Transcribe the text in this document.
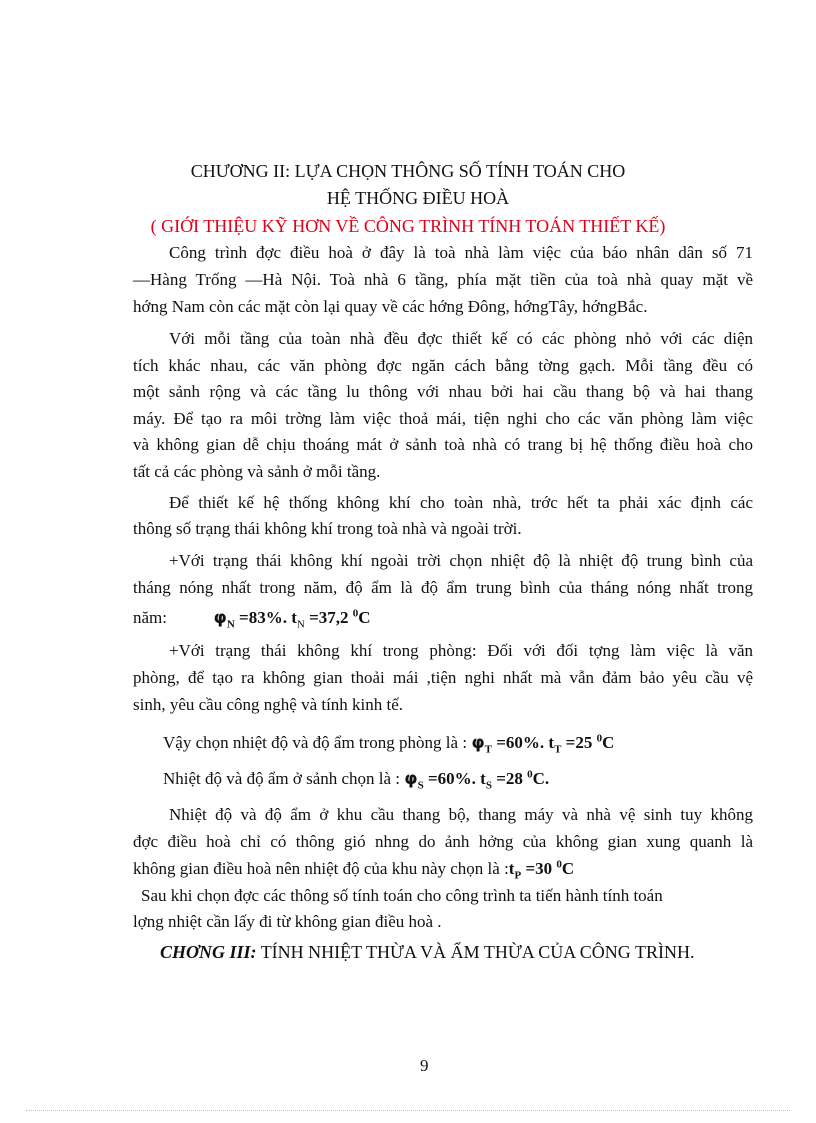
CHƯƠNG II: LỰA CHỌN THÔNG SỐ TÍNH TOÁN CHO
HỆ THỐNG ĐIỀU HOÀ
( GIỚI THIỆU KỸ HƠN VỀ CÔNG TRÌNH TÍNH TOÁN THIẾT KẾ)
Công trình đợc điều hoà ở đây là toà nhà làm việc của báo nhân dân số 71
—Hàng Trống —Hà Nội. Toà nhà 6 tầng, phía mặt tiền của toà nhà quay mặt về
hớng Nam còn các mặt còn lại quay về các hớng Đông, hớngTây, hớngBắc.
Với mỗi tầng của toàn nhà đều đợc thiết kế có các phòng nhỏ với các diện
tích khác nhau, các văn phòng đợc ngăn cách bằng tờng gạch. Mỗi tầng đều có
một sảnh rộng và các tầng lu thông với nhau bởi hai cầu thang bộ và hai thang
máy. Để tạo ra môi trờng làm việc thoả mái, tiện nghi cho các văn phòng làm việc
và không gian dễ chịu thoáng mát ở sảnh toà nhà có trang bị hệ thống điều hoà cho
tất cả các phòng và sảnh ở mỗi tầng.
Để thiết kế hệ thống không khí cho toàn nhà, trớc hết ta phải xác định các
thông số trạng thái không khí trong toà nhà và ngoài trời.
+Với trạng thái không khí ngoài trời chọn nhiệt độ là nhiệt độ trung bình của
tháng nóng nhất trong năm, độ ẩm là độ ẩm trung bình của tháng nóng nhất trong
năm:	$\varphi_N =83\%$. $t_N =37,2$ $^0$C
+Với trạng thái không khí trong phòng: Đối với đối tợng làm việc là văn
phòng, để tạo ra không gian thoải mái ,tiện nghi nhất mà vẫn đảm bảo yêu cầu vệ
sinh, yêu cầu công nghệ và tính kinh tế.
Vậy chọn nhiệt độ và độ ẩm trong phòng là : $\varphi_T =60\%$. $t_T =25$ $^0$C
Nhiệt độ và độ ẩm ở sảnh chọn là : $\varphi_S =60\%$. $t_S =28$ $^0$C.
Nhiệt độ và độ ẩm ở khu cầu thang bộ, thang máy và nhà vệ sinh tuy không
đợc điều hoà chỉ có thông gió nhng do ảnh hởng của không gian xung quanh là
không gian điều hoà nên nhiệt độ của khu này chọn là $:t_P =30$ $^0$C
Sau khi chọn đợc các thông số tính toán cho công trình ta tiến hành tính toán
lợng nhiệt cần lấy đi từ không gian điều hoà .
CHƠNG III: TÍNH NHIỆT THỪA VÀ ẨM THỪA CỦA CÔNG TRÌNH.
9
